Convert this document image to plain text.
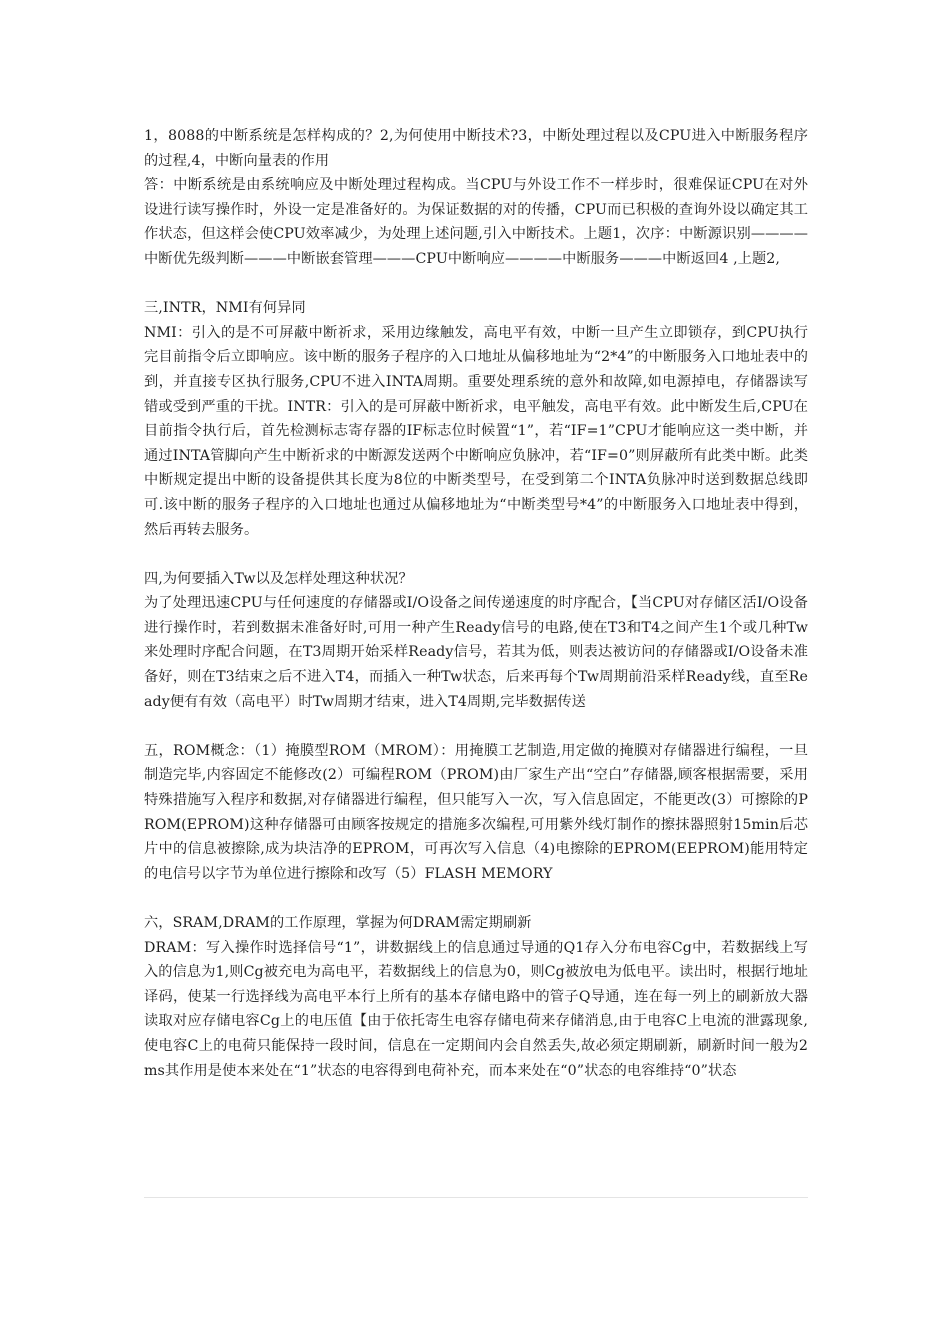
1，8088的中断系统是怎样构成的？2,为何使用中断技术?3，中断处理过程以及CPU进入中断服务程序的过程,4，中断向量表的作用

答：中断系统是由系统响应及中断处理过程构成。当CPU与外设工作不一样步时，很难保证CPU在对外设进行读写操作时，外设一定是准备好的。为保证数据的对的传播，CPU而已积极的查询外设以确定其工作状态，但这样会使CPU效率减少，为处理上述问题,引入中断技术。上题1，次序：中断源识别————中断优先级判断———中断嵌套管理———CPU中断响应————中断服务———中断返回4 ,上题2,

三,INTR，NMI有何异同

NMI：引入的是不可屏蔽中断祈求，采用边缘触发，高电平有效，中断一旦产生立即锁存，到CPU执行完目前指令后立即响应。该中断的服务子程序的入口地址从偏移地址为“2*4”的中断服务入口地址表中的到，并直接专区执行服务,CPU不进入INTA周期。重要处理系统的意外和故障,如电源掉电，存储器读写错或受到严重的干扰。INTR：引入的是可屏蔽中断祈求，电平触发，高电平有效。此中断发生后,CPU在目前指令执行后，首先检测标志寄存器的IF标志位时候置“1”，若“IF=1”CPU才能响应这一类中断，并通过INTA管脚向产生中断祈求的中断源发送两个中断响应负脉冲，若“IF=0”则屏蔽所有此类中断。此类中断规定提出中断的设备提供其长度为8位的中断类型号，在受到第二个INTA负脉冲时送到数据总线即可.该中断的服务子程序的入口地址也通过从偏移地址为“中断类型号*4”的中断服务入口地址表中得到，然后再转去服务。

四,为何要插入Tw以及怎样处理这种状况？

为了处理迅速CPU与任何速度的存储器或I/O设备之间传递速度的时序配合，【当CPU对存储区活I/O设备进行操作时，若到数据未准备好时,可用一种产生Ready信号的电路,使在T3和T4之间产生1个或几种Tw来处理时序配合问题，在T3周期开始采样Ready信号，若其为低，则表达被访问的存储器或I/O设备未准备好，则在T3结束之后不进入T4，而插入一种Tw状态，后来再每个Tw周期前沿采样Ready线，直至Ready便有有效（高电平）时Tw周期才结束，进入T4周期,完毕数据传送

五，ROM概念：（1）掩膜型ROM（MROM）：用掩膜工艺制造,用定做的掩膜对存储器进行编程，一旦制造完毕,内容固定不能修改(2）可编程ROM（PROM)由厂家生产出“空白”存储器,顾客根据需要，采用特殊措施写入程序和数据,对存储器进行编程，但只能写入一次，写入信息固定，不能更改(3）可擦除的PROM(EPROM)这种存储器可由顾客按规定的措施多次编程,可用紫外线灯制作的擦抹器照射15min后芯片中的信息被擦除,成为块洁净的EPROM，可再次写入信息（4)电擦除的EPROM(EEPROM)能用特定的电信号以字节为单位进行擦除和改写（5）FLASH MEMORY

六，SRAM,DRAM的工作原理，掌握为何DRAM需定期刷新

DRAM：写入操作时选择信号“1”，讲数据线上的信息通过导通的Q1存入分布电容Cg中，若数据线上写入的信息为1,则Cg被充电为高电平，若数据线上的信息为0，则Cg被放电为低电平。读出时，根据行地址译码，使某一行选择线为高电平本行上所有的基本存储电路中的管子Q导通，连在每一列上的刷新放大器读取对应存储电容Cg上的电压值【由于依托寄生电容存储电荷来存储消息,由于电容C上电流的泄露现象,使电容C上的电荷只能保持一段时间，信息在一定期间内会自然丢失,故必须定期刷新，刷新时间一般为2ms其作用是使本来处在“1”状态的电容得到电荷补充，而本来处在“0”状态的电容维持“0”状态
